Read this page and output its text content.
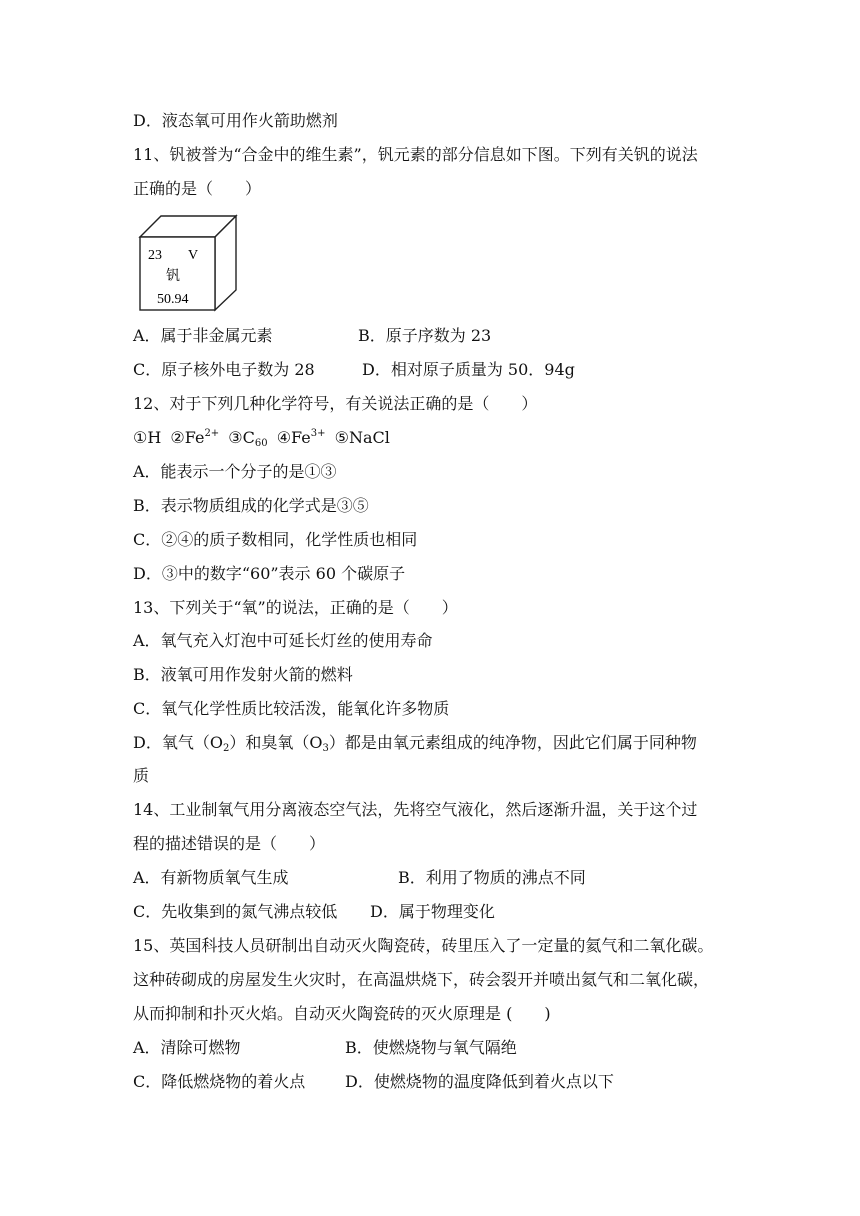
D．液态氧可用作火箭助燃剂
11、钒被誉为“合金中的维生素”，钒元素的部分信息如下图。下列有关钒的说法
正确的是（　　）
23 V
钒
50.94
A．属于非金属元素	B．原子序数为 23
C．原子核外电子数为 28	D．相对原子质量为 50．94g
12、对于下列几种化学符号，有关说法正确的是（　　）
①H $②Fe^{2+}$ $③C_{60}$ $④Fe^{3+}$ ⑤NaCl
A．能表示一个分子的是①③
B．表示物质组成的化学式是③⑤
C．②④的质子数相同，化学性质也相同
D．③中的数字“60”表示 60 个碳原子
13、下列关于“氧”的说法，正确的是（　　）
A．氧气充入灯泡中可延长灯丝的使用寿命
B．液氧可用作发射火箭的燃料
C．氧气化学性质比较活泼，能氧化许多物质
D．氧气$(O_2)$和臭氧$(O_3)$都是由氧元素组成的纯净物，因此它们属于同种物
质
14、工业制氧气用分离液态空气法，先将空气液化，然后逐渐升温，关于这个过
程的描述错误的是（　　）
A．有新物质氧气生成	B．利用了物质的沸点不同
C．先收集到的氮气沸点较低 D．属于物理变化
15、英国科技人员研制出自动灭火陶瓷砖，砖里压入了一定量的氦气和二氧化碳。
这种砖砌成的房屋发生火灾时，在高温烘烧下，砖会裂开并喷出氦气和二氧化碳，
从而抑制和扑灭火焰。自动灭火陶瓷砖的灭火原理是 (　　)
A．清除可燃物	B．使燃烧物与氧气隔绝
C．降低燃烧物的着火点 D．使燃烧物的温度降低到着火点以下
